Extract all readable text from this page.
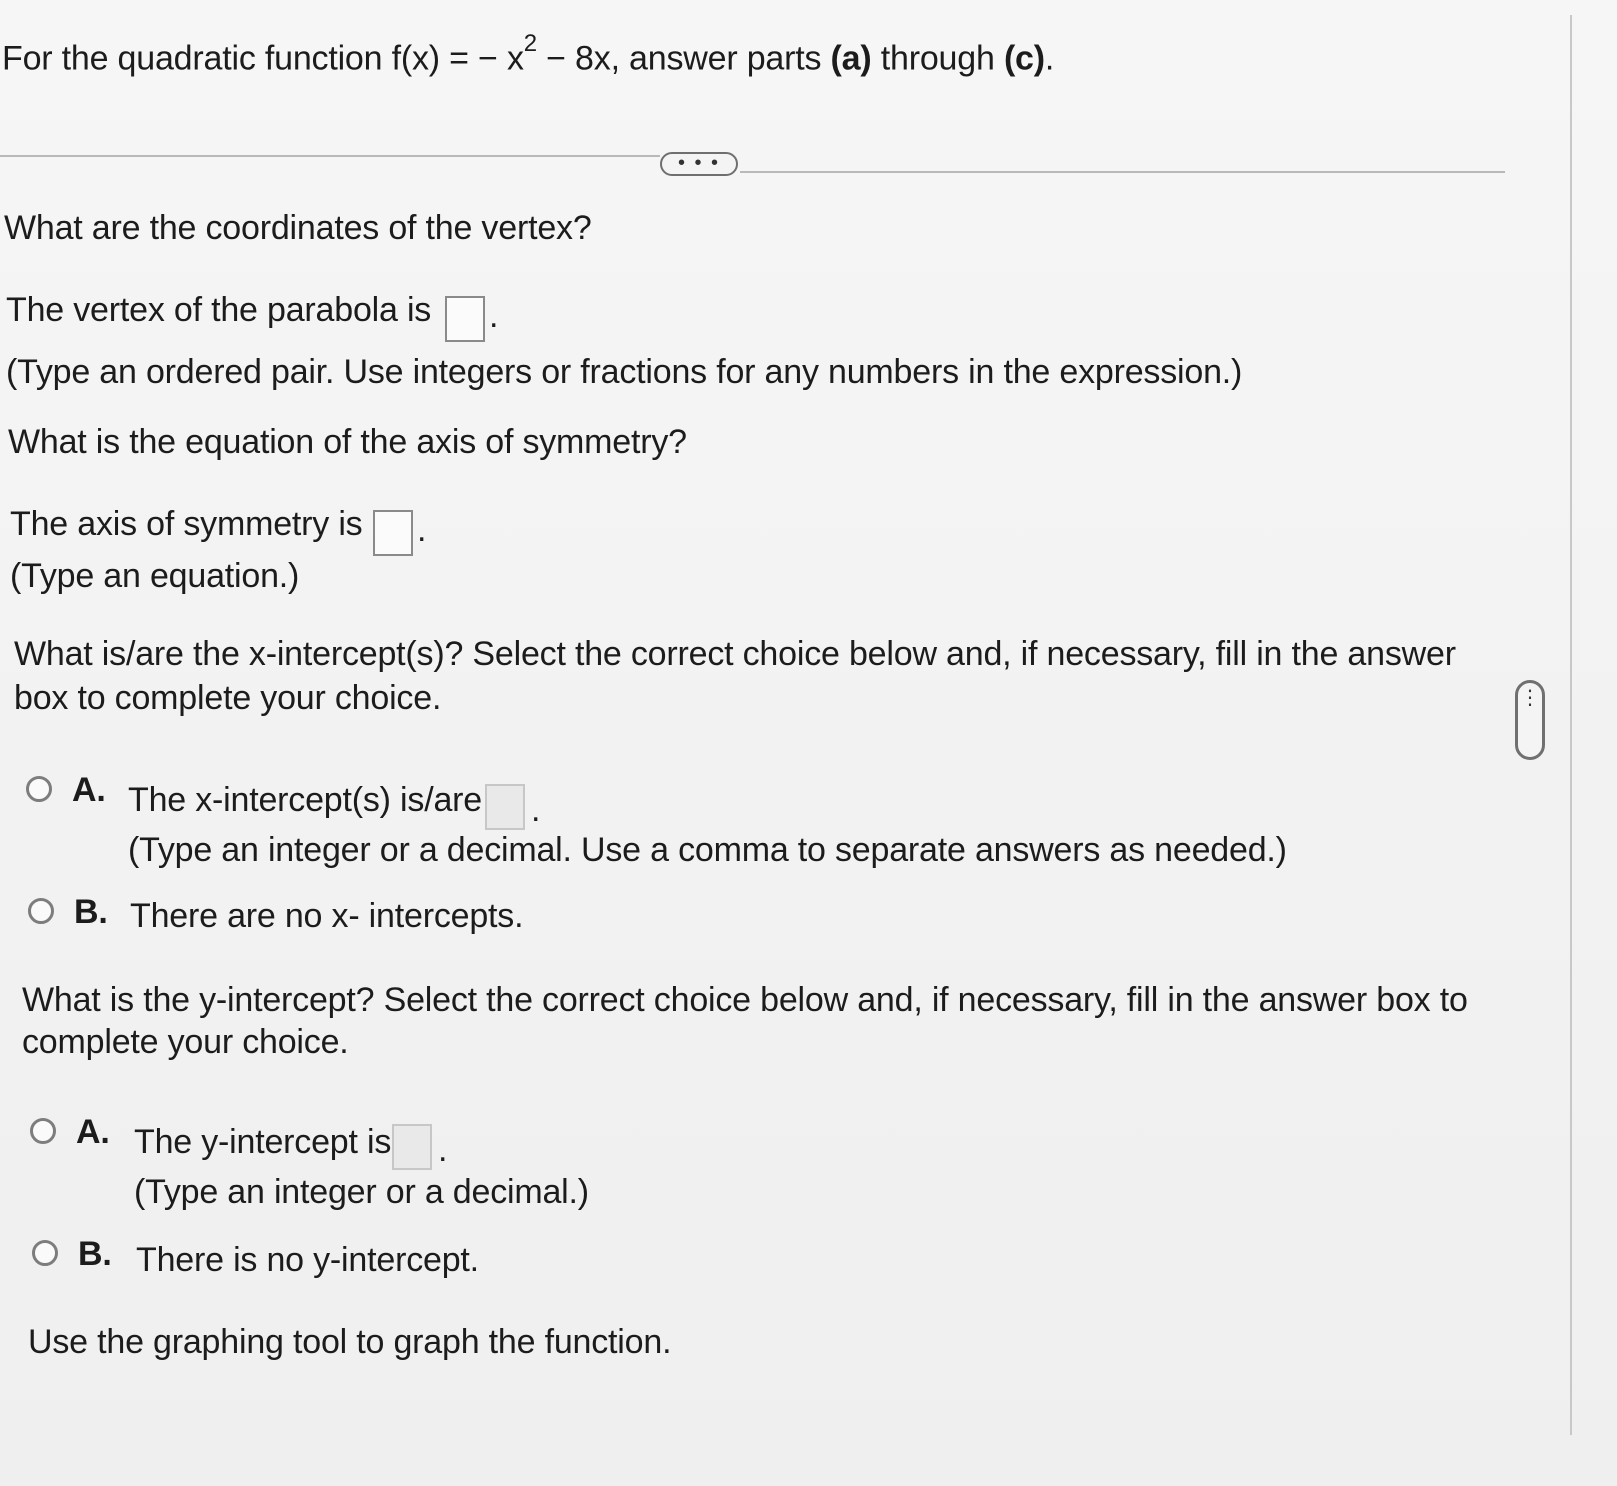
For the quadratic function f(x) = − $x^2 - 8x$, answer parts (a) through (c).
• • •
What are the coordinates of the vertex?
The vertex of the parabola is .
(Type an ordered pair. Use integers or fractions for any numbers in the expression.)
What is the equation of the axis of symmetry?
The axis of symmetry is .
(Type an equation.)
What is/are the x-intercept(s)? Select the correct choice below and, if necessary, fill in the answer
box to complete your choice.
A. The x-intercept(s) is/are .
(Type an integer or a decimal. Use a comma to separate answers as needed.)
B. There are no x- intercepts.
What is the y-intercept? Select the correct choice below and, if necessary, fill in the answer box to
complete your choice.
A. The y-intercept is .
(Type an integer or a decimal.)
B. There is no y-intercept.
Use the graphing tool to graph the function.
⋮
